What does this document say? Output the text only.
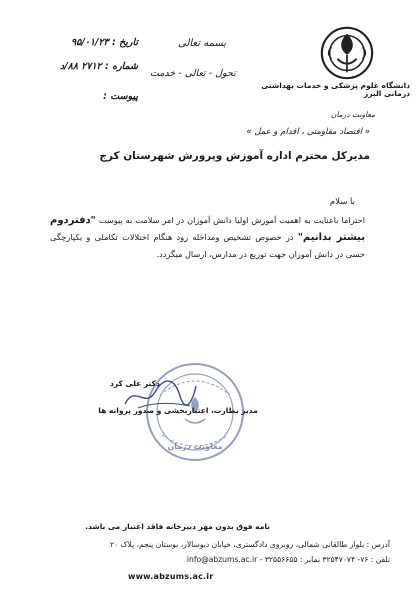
دانشگاه علوم پزشکی و خدمات بهداشتی درمانی البرز
معاونت درمان
بسمه تعالی
تحول - تعالی - خدمت
تاریخ : ۹۵/۰۱/۲۳
شماره : ۲۷۱۲ ۸۸/د
پیوست :
« اقتصاد مقاومتی ، اقدام و عمل »
مدیرکل محترم اداره آموزش وپرورش شهرستان کرج
با سلام
احتراما باعنایت به اهمیت آموزش اولیا دانش آموزان در امر سلامت به پیوست "دفتردوم بیشتر بدانیم" در خصوص تشخیص ومداخله زود هنگام اختلالات تکاملی و یکپارچگی حسی در دانش آموزان جهت توزیع در مدارس، ارسال میگردد.
معاونت درمان
دکتر علی کرد
مدیر نظارت، اعتباربخشی و صدور پروانه ها
نامه فوق بدون مهر دبیرخانه فاقد اعتبار می باشد.
آدرس : بلوار طالقانی شمالی، روبروی دادگستری، خیابان دیوسالار، بوستان پنجم، پلاک ۲۰
تلفن : ۷۶- ۳۲۵۴۷۰۷۴ نمابر : ۳۲۵۵۶۶۵۵ - info@abzums.ac.ir
www.abzums.ac.ir
